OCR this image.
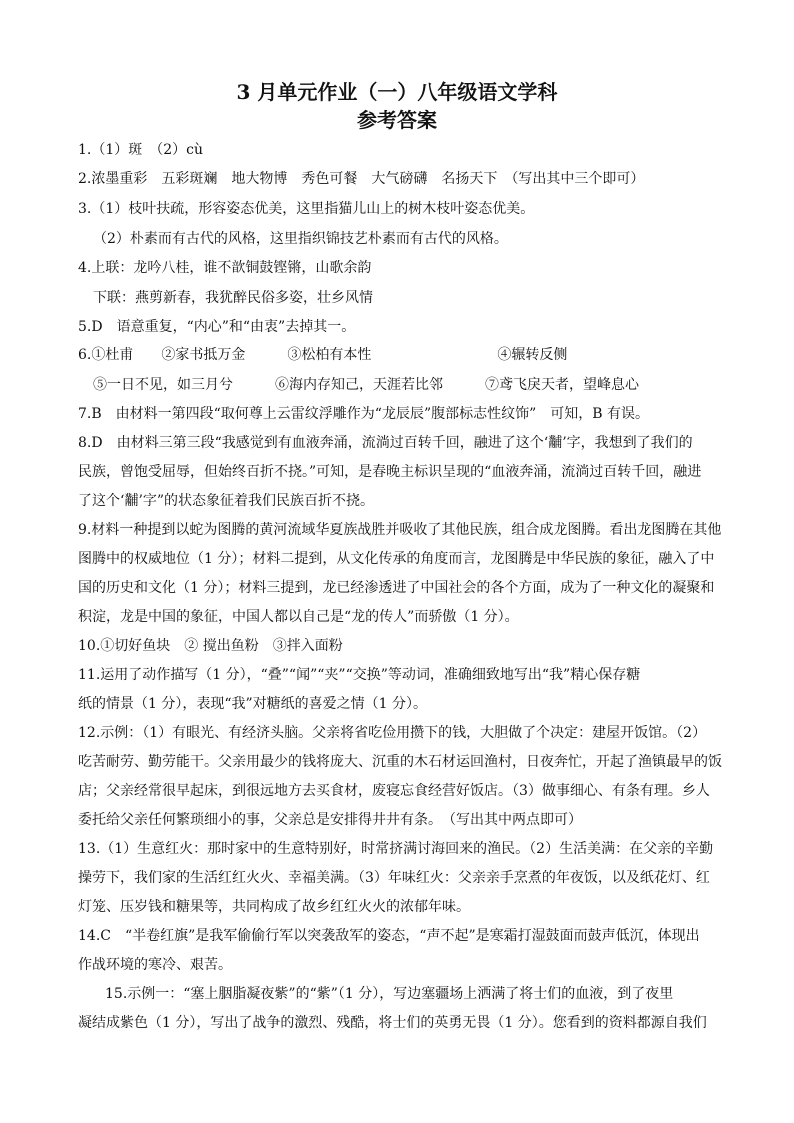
3 月单元作业（一）八年级语文学科
参考答案
1.（1）斑　（2）cù
2.浓墨重彩　五彩斑斓　地大物博　秀色可餐　大气磅礴　名扬天下　（写出其中三个即可）
3.（1）枝叶扶疏，形容姿态优美，这里指猫儿山上的树木枝叶姿态优美。
（2）朴素而有古代的风格，这里指织锦技艺朴素而有古代的风格。
4.上联：龙吟八桂，谁不歆铜鼓铿锵，山歌余韵
下联：燕剪新春，我犹醉民俗多姿，壮乡风情
5.D　语意重复，“内心”和“由衷”去掉其一。
6.①杜甫　　②家书抵万金　　　③松柏有本性　　　　　　　　　④辗转反侧
⑤一日不见，如三月兮　　　⑥海内存知己，天涯若比邻　　　⑦鸢飞戾天者，望峰息心
7.B　由材料一第四段“取何尊上云雷纹浮雕作为“龙辰辰”腹部标志性纹饰”　可知，B 有误。
8.D　由材料三第三段“我感觉到有血液奔涌，流淌过百转千回，融进了这个‘黼’字，我想到了我们的
民族，曾饱受屈辱，但始终百折不挠。”可知，是春晚主标识呈现的“血液奔涌，流淌过百转千回，融进
了这个‘黼’字”的状态象征着我们民族百折不挠。
9.材料一种提到以蛇为图腾的黄河流域华夏族战胜并吸收了其他民族，组合成龙图腾。看出龙图腾在其他
图腾中的权威地位（1 分）；材料二提到，从文化传承的角度而言，龙图腾是中华民族的象征，融入了中
国的历史和文化（1 分）；材料三提到，龙已经渗透进了中国社会的各个方面，成为了一种文化的凝聚和
积淀，龙是中国的象征，中国人都以自己是“龙的传人”而骄傲（1 分）。
10.①切好鱼块　② 搅出鱼粉　③拌入面粉
11.运用了动作描写（1 分），“叠”“闻”“夹”“交换”等动词，准确细致地写出“我”精心保存糖
纸的情景（1 分），表现“我”对糖纸的喜爱之情（1 分）。
12.示例：（1）有眼光、有经济头脑。父亲将省吃俭用攒下的钱，大胆做了个决定：建屋开饭馆。（2）
吃苦耐劳、勤劳能干。父亲用最少的钱将庞大、沉重的木石材运回渔村，日夜奔忙，开起了渔镇最早的饭
店；父亲经常很早起床，到很远地方去买食材，废寝忘食经营好饭店。（3）做事细心、有条有理。乡人
委托给父亲任何繁琐细小的事，父亲总是安排得井井有条。　（写出其中两点即可）
13.（1）生意红火：那时家中的生意特别好，时常挤满讨海回来的渔民。（2）生活美满：在父亲的辛勤
操劳下，我们家的生活红红火火、幸福美满。（3）年味红火：父亲亲手烹煮的年夜饭，以及纸花灯、红
灯笼、压岁钱和糖果等，共同构成了故乡红红火火的浓郁年味。
14.C　“半卷红旗”是我军偷偷行军以突袭敌军的姿态，“声不起”是寒霜打湿鼓面而鼓声低沉，体现出
作战环境的寒冷、艰苦。
15.示例一：“塞上胭脂凝夜紫”的“紫”（1 分），写边塞疆场上洒满了将士们的血液，到了夜里
凝结成紫色（1 分），写出了战争的激烈、残酷，将士们的英勇无畏（1 分）。您看到的资料都源自我们
